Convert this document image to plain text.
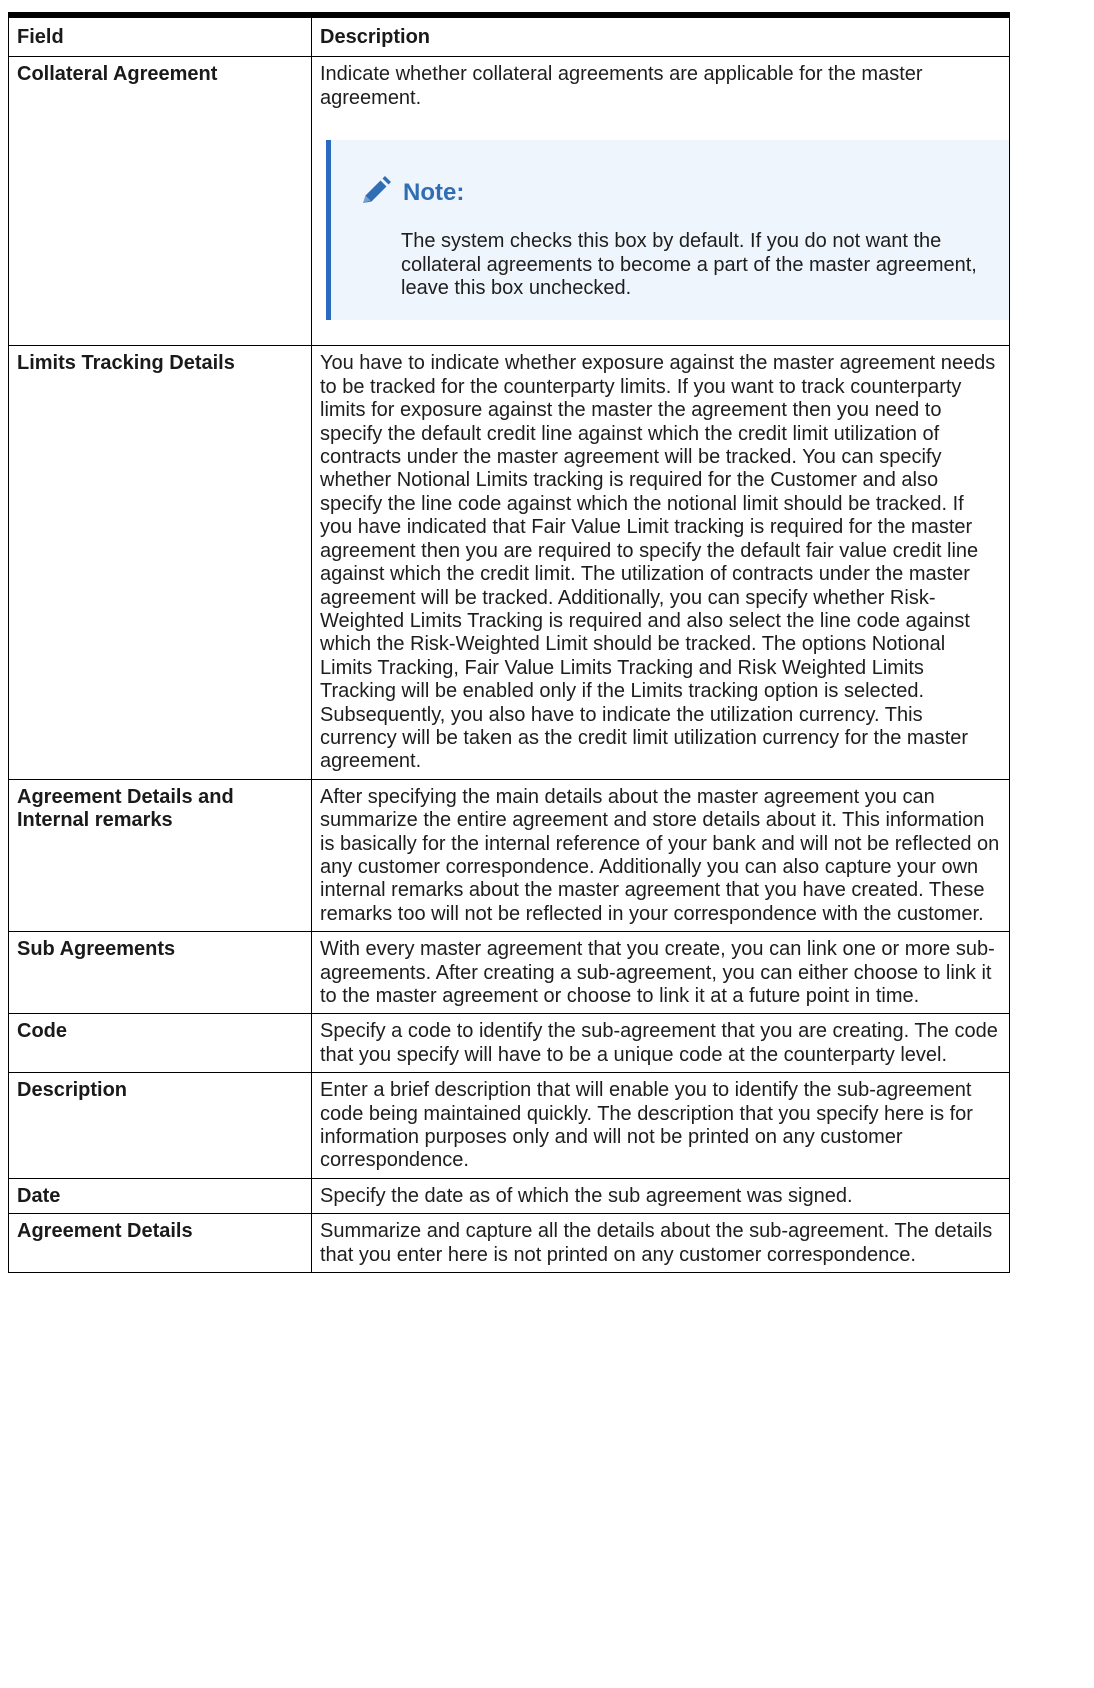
Field	Description
Collateral Agreement	Indicate whether collateral agreements are applicable for the master agreement.
Note:
The system checks this box by default. If you do not want the collateral agreements to become a part of the master agreement, leave this box unchecked.

Limits Tracking Details	You have to indicate whether exposure against the master agreement needs to be tracked for the counterparty limits. If you want to track counterparty limits for exposure against the master the agreement then you need to specify the default credit line against which the credit limit utilization of contracts under the master agreement will be tracked. You can specify whether Notional Limits tracking is required for the Customer and also specify the line code against which the notional limit should be tracked. If you have indicated that Fair Value Limit tracking is required for the master agreement then you are required to specify the default fair value credit line against which the credit limit. The utilization of contracts under the master agreement will be tracked. Additionally, you can specify whether Risk-Weighted Limits Tracking is required and also select the line code against which the Risk-Weighted Limit should be tracked. The options Notional Limits Tracking, Fair Value Limits Tracking and Risk Weighted Limits Tracking will be enabled only if the Limits tracking option is selected. Subsequently, you also have to indicate the utilization currency. This currency will be taken as the credit limit utilization currency for the master agreement.
Agreement Details and Internal remarks	After specifying the main details about the master agreement you can summarize the entire agreement and store details about it. This information is basically for the internal reference of your bank and will not be reflected on any customer correspondence. Additionally you can also capture your own internal remarks about the master agreement that you have created. These remarks too will not be reflected in your correspondence with the customer.
Sub Agreements	With every master agreement that you create, you can link one or more sub-agreements. After creating a sub-agreement, you can either choose to link it to the master agreement or choose to link it at a future point in time.
Code	Specify a code to identify the sub-agreement that you are creating. The code that you specify will have to be a unique code at the counterparty level.
Description	Enter a brief description that will enable you to identify the sub-agreement code being maintained quickly. The description that you specify here is for information purposes only and will not be printed on any customer correspondence.
Date	Specify the date as of which the sub agreement was signed.
Agreement Details	Summarize and capture all the details about the sub-agreement. The details that you enter here is not printed on any customer correspondence.
